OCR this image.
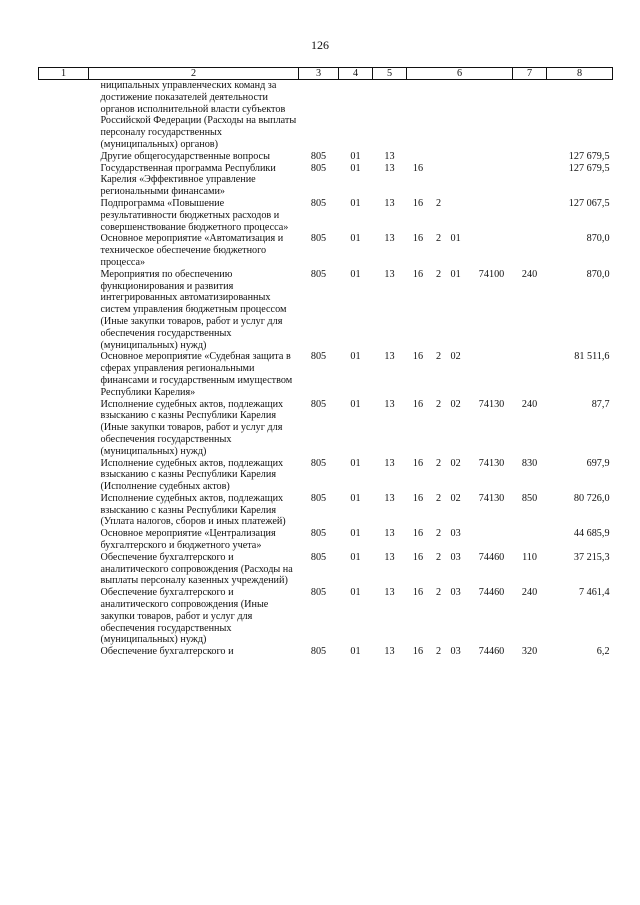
126
1	2	3	4	5	6				7	8
	ниципальных управленческих команд за достижение показателей деятельности органов исполнительной власти субъектов Российской Федерации (Расходы на выплаты персоналу государственных (муниципальных) органов)									
	Другие общегосударственные вопросы	805	01	13						127 679,5
	Государственная программа Республики Карелия «Эффективное управление региональными финансами»	805	01	13	16					127 679,5
	Подпрограмма «Повышение результативности бюджетных расходов и совершенствование бюджетного процесса»	805	01	13	16	2				127 067,5
	Основное мероприятие «Автоматизация и техническое обеспечение бюджетного процесса»	805	01	13	16	2	01			870,0
	Мероприятия по обеспечению функционирования и развития интегрированных автоматизированных систем управления бюджетным процессом (Иные закупки товаров, работ и услуг для обеспечения государственных (муниципальных) нужд)	805	01	13	16	2	01	74100	240	870,0
	Основное мероприятие «Судебная защита в сферах управления региональными финансами и государственным имуществом Республики Карелия»	805	01	13	16	2	02			81 511,6
	Исполнение судебных актов, подлежащих взысканию с казны Республики Карелия (Иные закупки товаров, работ и услуг для обеспечения государственных (муниципальных) нужд)	805	01	13	16	2	02	74130	240	87,7
	Исполнение судебных актов, подлежащих взысканию с казны Республики Карелия (Исполнение судебных актов)	805	01	13	16	2	02	74130	830	697,9
	Исполнение судебных актов, подлежащих взысканию с казны Республики Карелия (Уплата налогов, сборов и иных платежей)	805	01	13	16	2	02	74130	850	80 726,0
	Основное мероприятие «Централизация бухгалтерского и бюджетного учета»	805	01	13	16	2	03			44 685,9
	Обеспечение бухгалтерского и аналитического сопровождения (Расходы на выплаты персоналу казенных учреждений)	805	01	13	16	2	03	74460	110	37 215,3
	Обеспечение бухгалтерского и аналитического сопровождения (Иные закупки товаров, работ и услуг для обеспечения государственных (муниципальных) нужд)	805	01	13	16	2	03	74460	240	7 461,4
	Обеспечение бухгалтерского и	805	01	13	16	2	03	74460	320	6,2
